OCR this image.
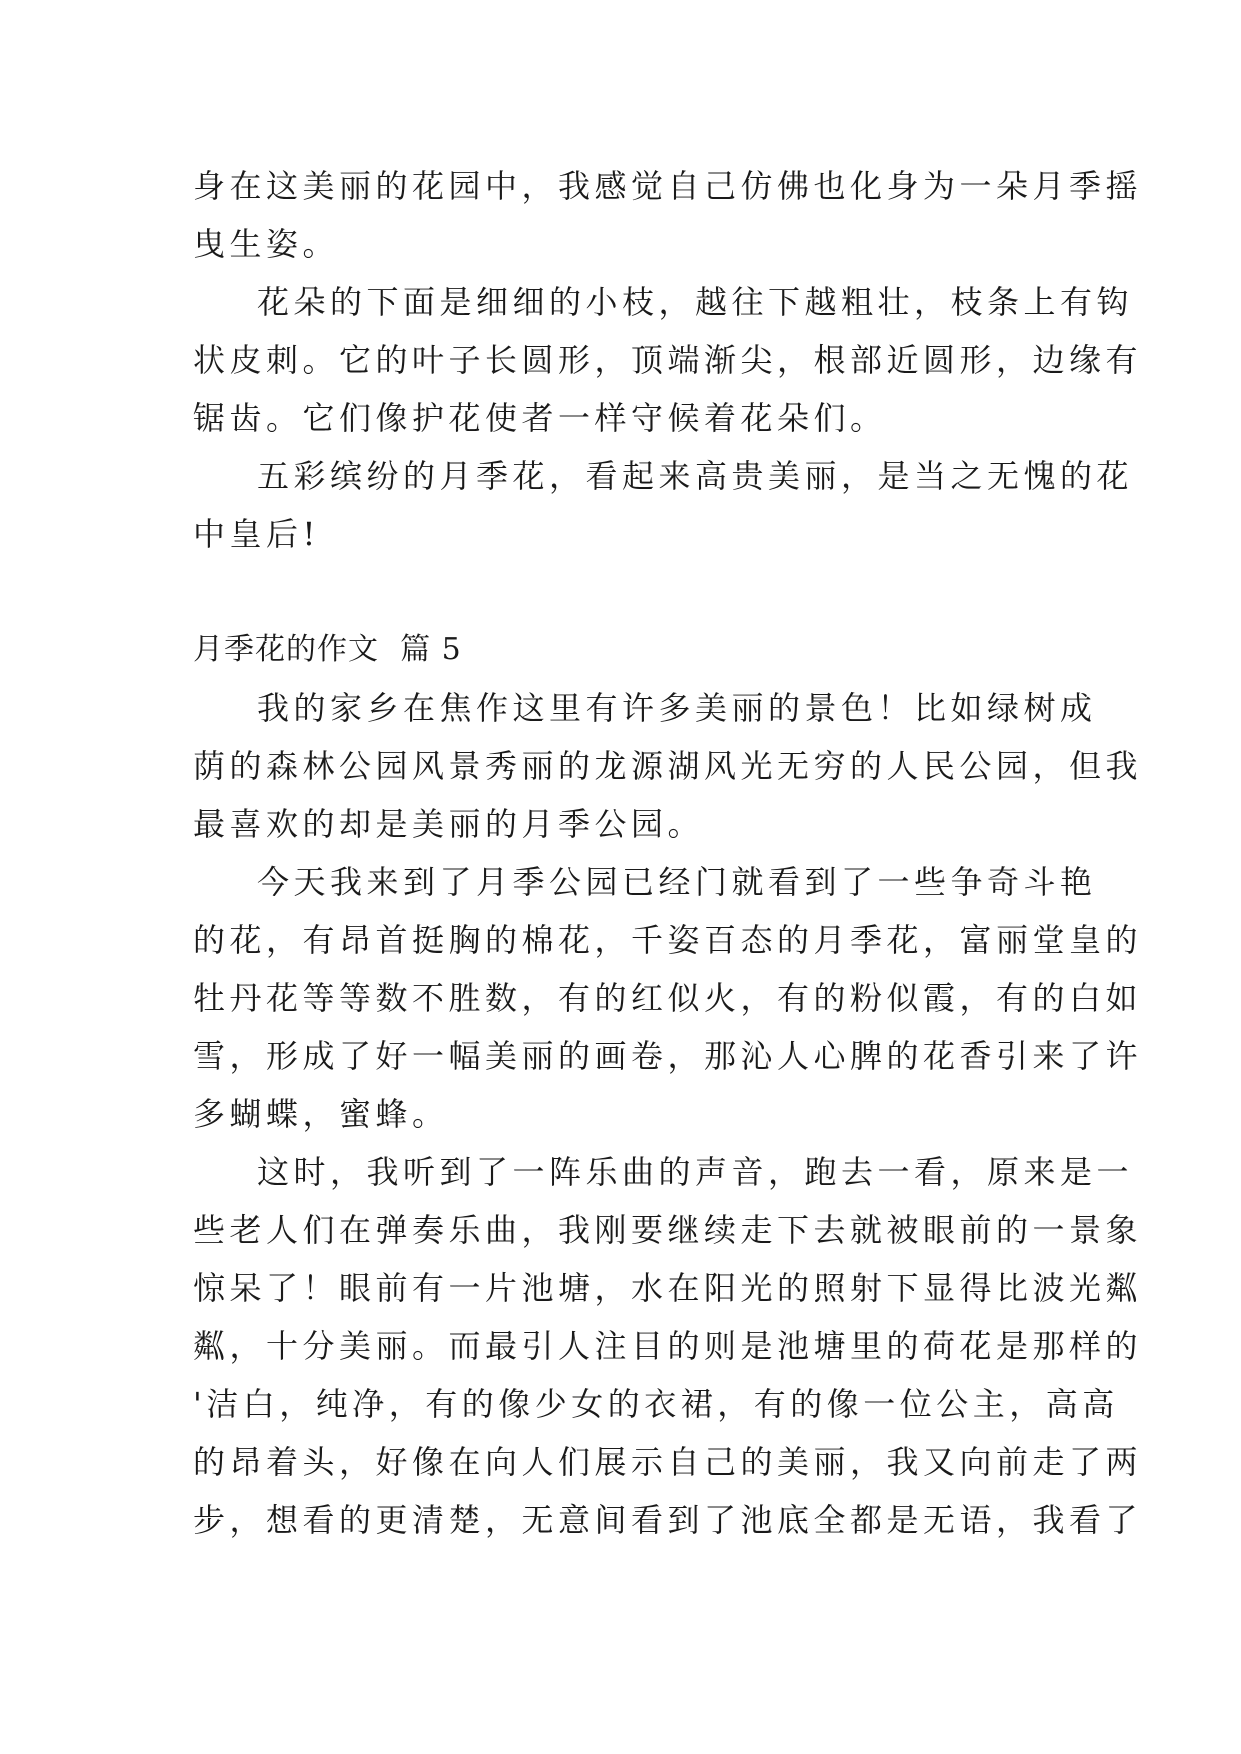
身在这美丽的花园中，我感觉自己仿佛也化身为一朵月季摇
曳生姿。
花朵的下面是细细的小枝，越往下越粗壮，枝条上有钩
状皮刺。它的叶子长圆形，顶端渐尖，根部近圆形，边缘有
锯齿。它们像护花使者一样守候着花朵们。
五彩缤纷的月季花，看起来高贵美丽，是当之无愧的花
中皇后!
月季花的作文  篇 5
我的家乡在焦作这里有许多美丽的景色！比如绿树成
荫的森林公园风景秀丽的龙源湖风光无穷的人民公园，但我
最喜欢的却是美丽的月季公园。
今天我来到了月季公园已经门就看到了一些争奇斗艳
的花，有昂首挺胸的棉花，千姿百态的月季花，富丽堂皇的
牡丹花等等数不胜数，有的红似火，有的粉似霞，有的白如
雪，形成了好一幅美丽的画卷，那沁人心脾的花香引来了许
多蝴蝶，蜜蜂。
这时，我听到了一阵乐曲的声音，跑去一看，原来是一
些老人们在弹奏乐曲，我刚要继续走下去就被眼前的一景象
惊呆了！眼前有一片池塘，水在阳光的照射下显得比波光粼
粼，十分美丽。而最引人注目的则是池塘里的荷花是那样的
'洁白，纯净，有的像少女的衣裙，有的像一位公主，高高
的昂着头，好像在向人们展示自己的美丽，我又向前走了两
步，想看的更清楚，无意间看到了池底全都是无语，我看了
